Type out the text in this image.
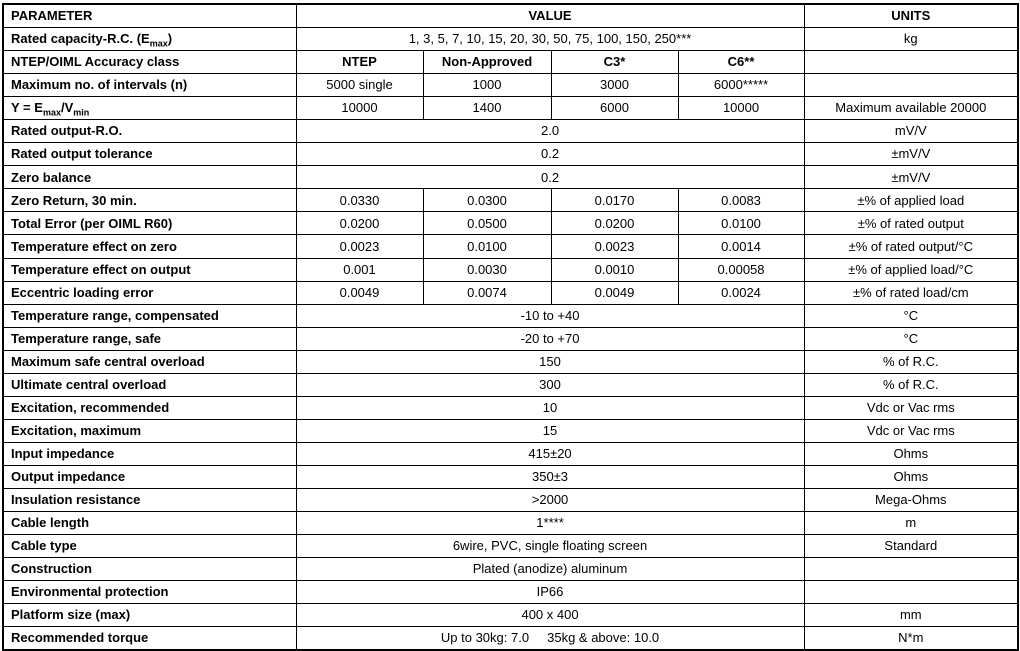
PARAMETER	VALUE				UNITS
Rated capacity-R.C. $(E_{max})$	1, 3, 5, 7, 10, 15, 20, 30, 50, 75, 100, 150, 250***				kg
NTEP/OIML Accuracy class	NTEP	Non-Approved	C3*	C6**	
Maximum no. of intervals (n)	5000 single	1000	3000	6000*****	
$Y = E_{max}/V_{min}$	10000	1400	6000	10000	Maximum available 20000
Rated output-R.O.	2.0				mV/V
Rated output tolerance	0.2				±mV/V
Zero balance	0.2				±mV/V
Zero Return, 30 min.	0.0330	0.0300	0.0170	0.0083	±% of applied load
Total Error (per OIML R60)	0.0200	0.0500	0.0200	0.0100	±% of rated output
Temperature effect on zero	0.0023	0.0100	0.0023	0.0014	±% of rated output/°C
Temperature effect on output	0.001	0.0030	0.0010	0.00058	±% of applied load/°C
Eccentric loading error	0.0049	0.0074	0.0049	0.0024	±% of rated load/cm
Temperature range, compensated	-10 to +40				°C
Temperature range, safe	-20 to +70				°C
Maximum safe central overload	150				% of R.C.
Ultimate central overload	300				% of R.C.
Excitation, recommended	10				Vdc or Vac rms
Excitation, maximum	15				Vdc or Vac rms
Input impedance	415±20				Ohms
Output impedance	350±3				Ohms
Insulation resistance	>2000				Mega-Ohms
Cable length	1****				m
Cable type	6wire, PVC, single floating screen				Standard
Construction	Plated (anodize) aluminum				
Environmental protection	IP66				
Platform size (max)	400 x 400				mm
Recommended torque	Up to 30kg: 7.0     35kg & above: 10.0				N*m
